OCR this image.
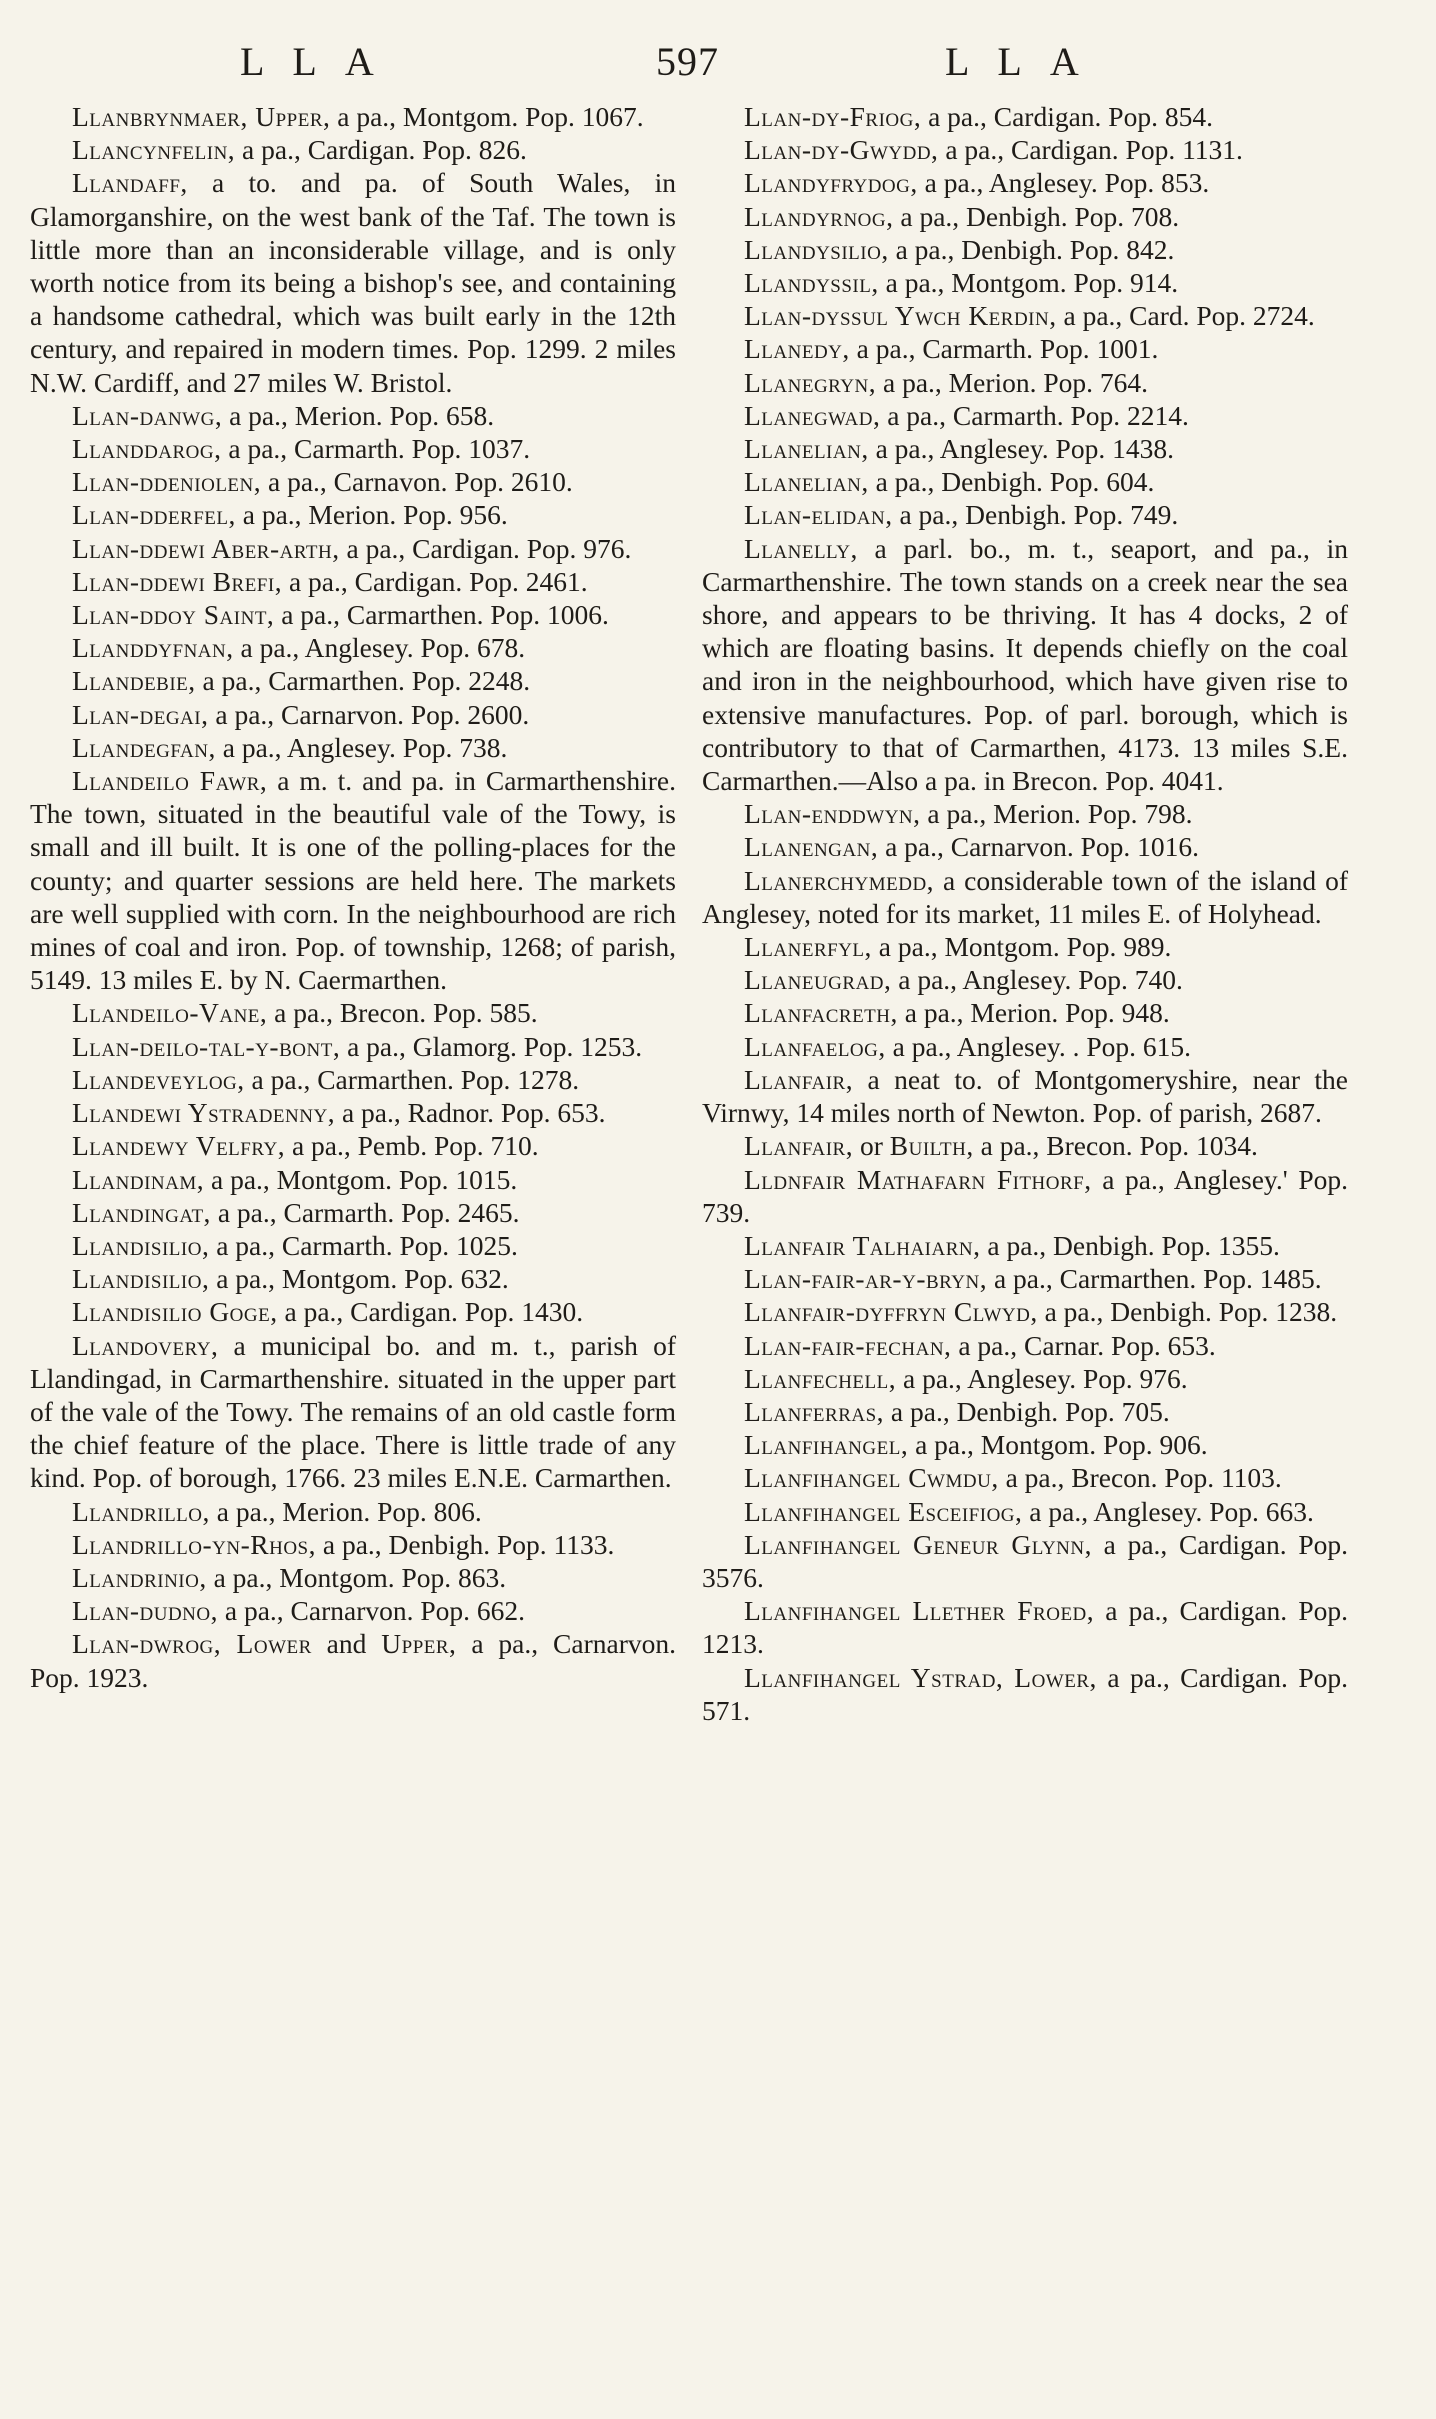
LLA	597	LLA

Llanbrynmaer, Upper, a pa., Montgom. Pop. 1067.

Llancynfelin, a pa., Cardigan. Pop. 826.

Llandaff, a to. and pa. of South Wales, in Glamorganshire, on the west bank of the Taf. The town is little more than an inconsiderable village, and is only worth notice from its being a bishop's see, and containing a handsome cathedral, which was built early in the 12th century, and repaired in modern times. Pop. 1299. 2 miles N.W. Cardiff, and 27 miles W. Bristol.

Llan-danwg, a pa., Merion. Pop. 658.

Llanddarog, a pa., Carmarth. Pop. 1037.

Llan-ddeniolen, a pa., Carnavon. Pop. 2610.

Llan-dderfel, a pa., Merion. Pop. 956.

Llan-ddewi Aber-arth, a pa., Cardigan. Pop. 976.

Llan-ddewi Brefi, a pa., Cardigan. Pop. 2461.

Llan-ddoy Saint, a pa., Carmarthen. Pop. 1006.

Llanddyfnan, a pa., Anglesey. Pop. 678.

Llandebie, a pa., Carmarthen. Pop. 2248.

Llan-degai, a pa., Carnarvon. Pop. 2600.

Llandegfan, a pa., Anglesey. Pop. 738.

Llandeilo Fawr, a m. t. and pa. in Carmarthenshire. The town, situated in the beautiful vale of the Towy, is small and ill built. It is one of the polling-places for the county; and quarter sessions are held here. The markets are well supplied with corn. In the neighbourhood are rich mines of coal and iron. Pop. of township, 1268; of parish, 5149. 13 miles E. by N. Caermarthen.

Llandeilo-Vane, a pa., Brecon. Pop. 585.

Llan-deilo-tal-y-bont, a pa., Glamorg. Pop. 1253.

Llandeveylog, a pa., Carmarthen. Pop. 1278.

Llandewi Ystradenny, a pa., Radnor. Pop. 653.

Llandewy Velfry, a pa., Pemb. Pop. 710.

Llandinam, a pa., Montgom. Pop. 1015.

Llandingat, a pa., Carmarth. Pop. 2465.

Llandisilio, a pa., Carmarth. Pop. 1025.

Llandisilio, a pa., Montgom. Pop. 632.

Llandisilio Goge, a pa., Cardigan. Pop. 1430.

Llandovery, a municipal bo. and m. t., parish of Llandingad, in Carmarthenshire. situated in the upper part of the vale of the Towy. The remains of an old castle form the chief feature of the place. There is little trade of any kind. Pop. of borough, 1766. 23 miles E.N.E. Carmarthen.

Llandrillo, a pa., Merion. Pop. 806.

Llandrillo-yn-Rhos, a pa., Denbigh. Pop. 1133.

Llandrinio, a pa., Montgom. Pop. 863.

Llan-dudno, a pa., Carnarvon. Pop. 662.

Llan-dwrog, Lower and Upper, a pa., Carnarvon. Pop. 1923.

Llan-dy-Friog, a pa., Cardigan. Pop. 854.

Llan-dy-Gwydd, a pa., Cardigan. Pop. 1131.

Llandyfrydog, a pa., Anglesey. Pop. 853.

Llandyrnog, a pa., Denbigh. Pop. 708.

Llandysilio, a pa., Denbigh. Pop. 842.

Llandyssil, a pa., Montgom. Pop. 914.

Llan-dyssul Ywch Kerdin, a pa., Card. Pop. 2724.

Llanedy, a pa., Carmarth. Pop. 1001.

Llanegryn, a pa., Merion. Pop. 764.

Llanegwad, a pa., Carmarth. Pop. 2214.

Llanelian, a pa., Anglesey. Pop. 1438.

Llanelian, a pa., Denbigh. Pop. 604.

Llan-elidan, a pa., Denbigh. Pop. 749.

Llanelly, a parl. bo., m. t., seaport, and pa., in Carmarthenshire. The town stands on a creek near the sea shore, and appears to be thriving. It has 4 docks, 2 of which are floating basins. It depends chiefly on the coal and iron in the neighbourhood, which have given rise to extensive manufactures. Pop. of parl. borough, which is contributory to that of Carmarthen, 4173. 13 miles S.E. Carmarthen.—Also a pa. in Brecon. Pop. 4041.

Llan-enddwyn, a pa., Merion. Pop. 798.

Llanengan, a pa., Carnarvon. Pop. 1016.

Llanerchymedd, a considerable town of the island of Anglesey, noted for its market, 11 miles E. of Holyhead.

Llanerfyl, a pa., Montgom. Pop. 989.

Llaneugrad, a pa., Anglesey. Pop. 740.

Llanfacreth, a pa., Merion. Pop. 948.

Llanfaelog, a pa., Anglesey. . Pop. 615.

Llanfair, a neat to. of Montgomeryshire, near the Virnwy, 14 miles north of Newton. Pop. of parish, 2687.

Llanfair, or Builth, a pa., Brecon. Pop. 1034.

Lldnfair Mathafarn Fithorf, a pa., Anglesey.' Pop. 739.

Llanfair Talhaiarn, a pa., Denbigh. Pop. 1355.

Llan-fair-ar-y-bryn, a pa., Carmarthen. Pop. 1485.

Llanfair-dyffryn Clwyd, a pa., Denbigh. Pop. 1238.

Llan-fair-fechan, a pa., Carnar. Pop. 653.

Llanfechell, a pa., Anglesey. Pop. 976.

Llanferras, a pa., Denbigh. Pop. 705.

Llanfihangel, a pa., Montgom. Pop. 906.

Llanfihangel Cwmdu, a pa., Brecon. Pop. 1103.

Llanfihangel Esceifiog, a pa., Anglesey. Pop. 663.

Llanfihangel Geneur Glynn, a pa., Cardigan. Pop. 3576.

Llanfihangel Llether Froed, a pa., Cardigan. Pop. 1213.

Llanfihangel Ystrad, Lower, a pa., Cardigan. Pop. 571.
